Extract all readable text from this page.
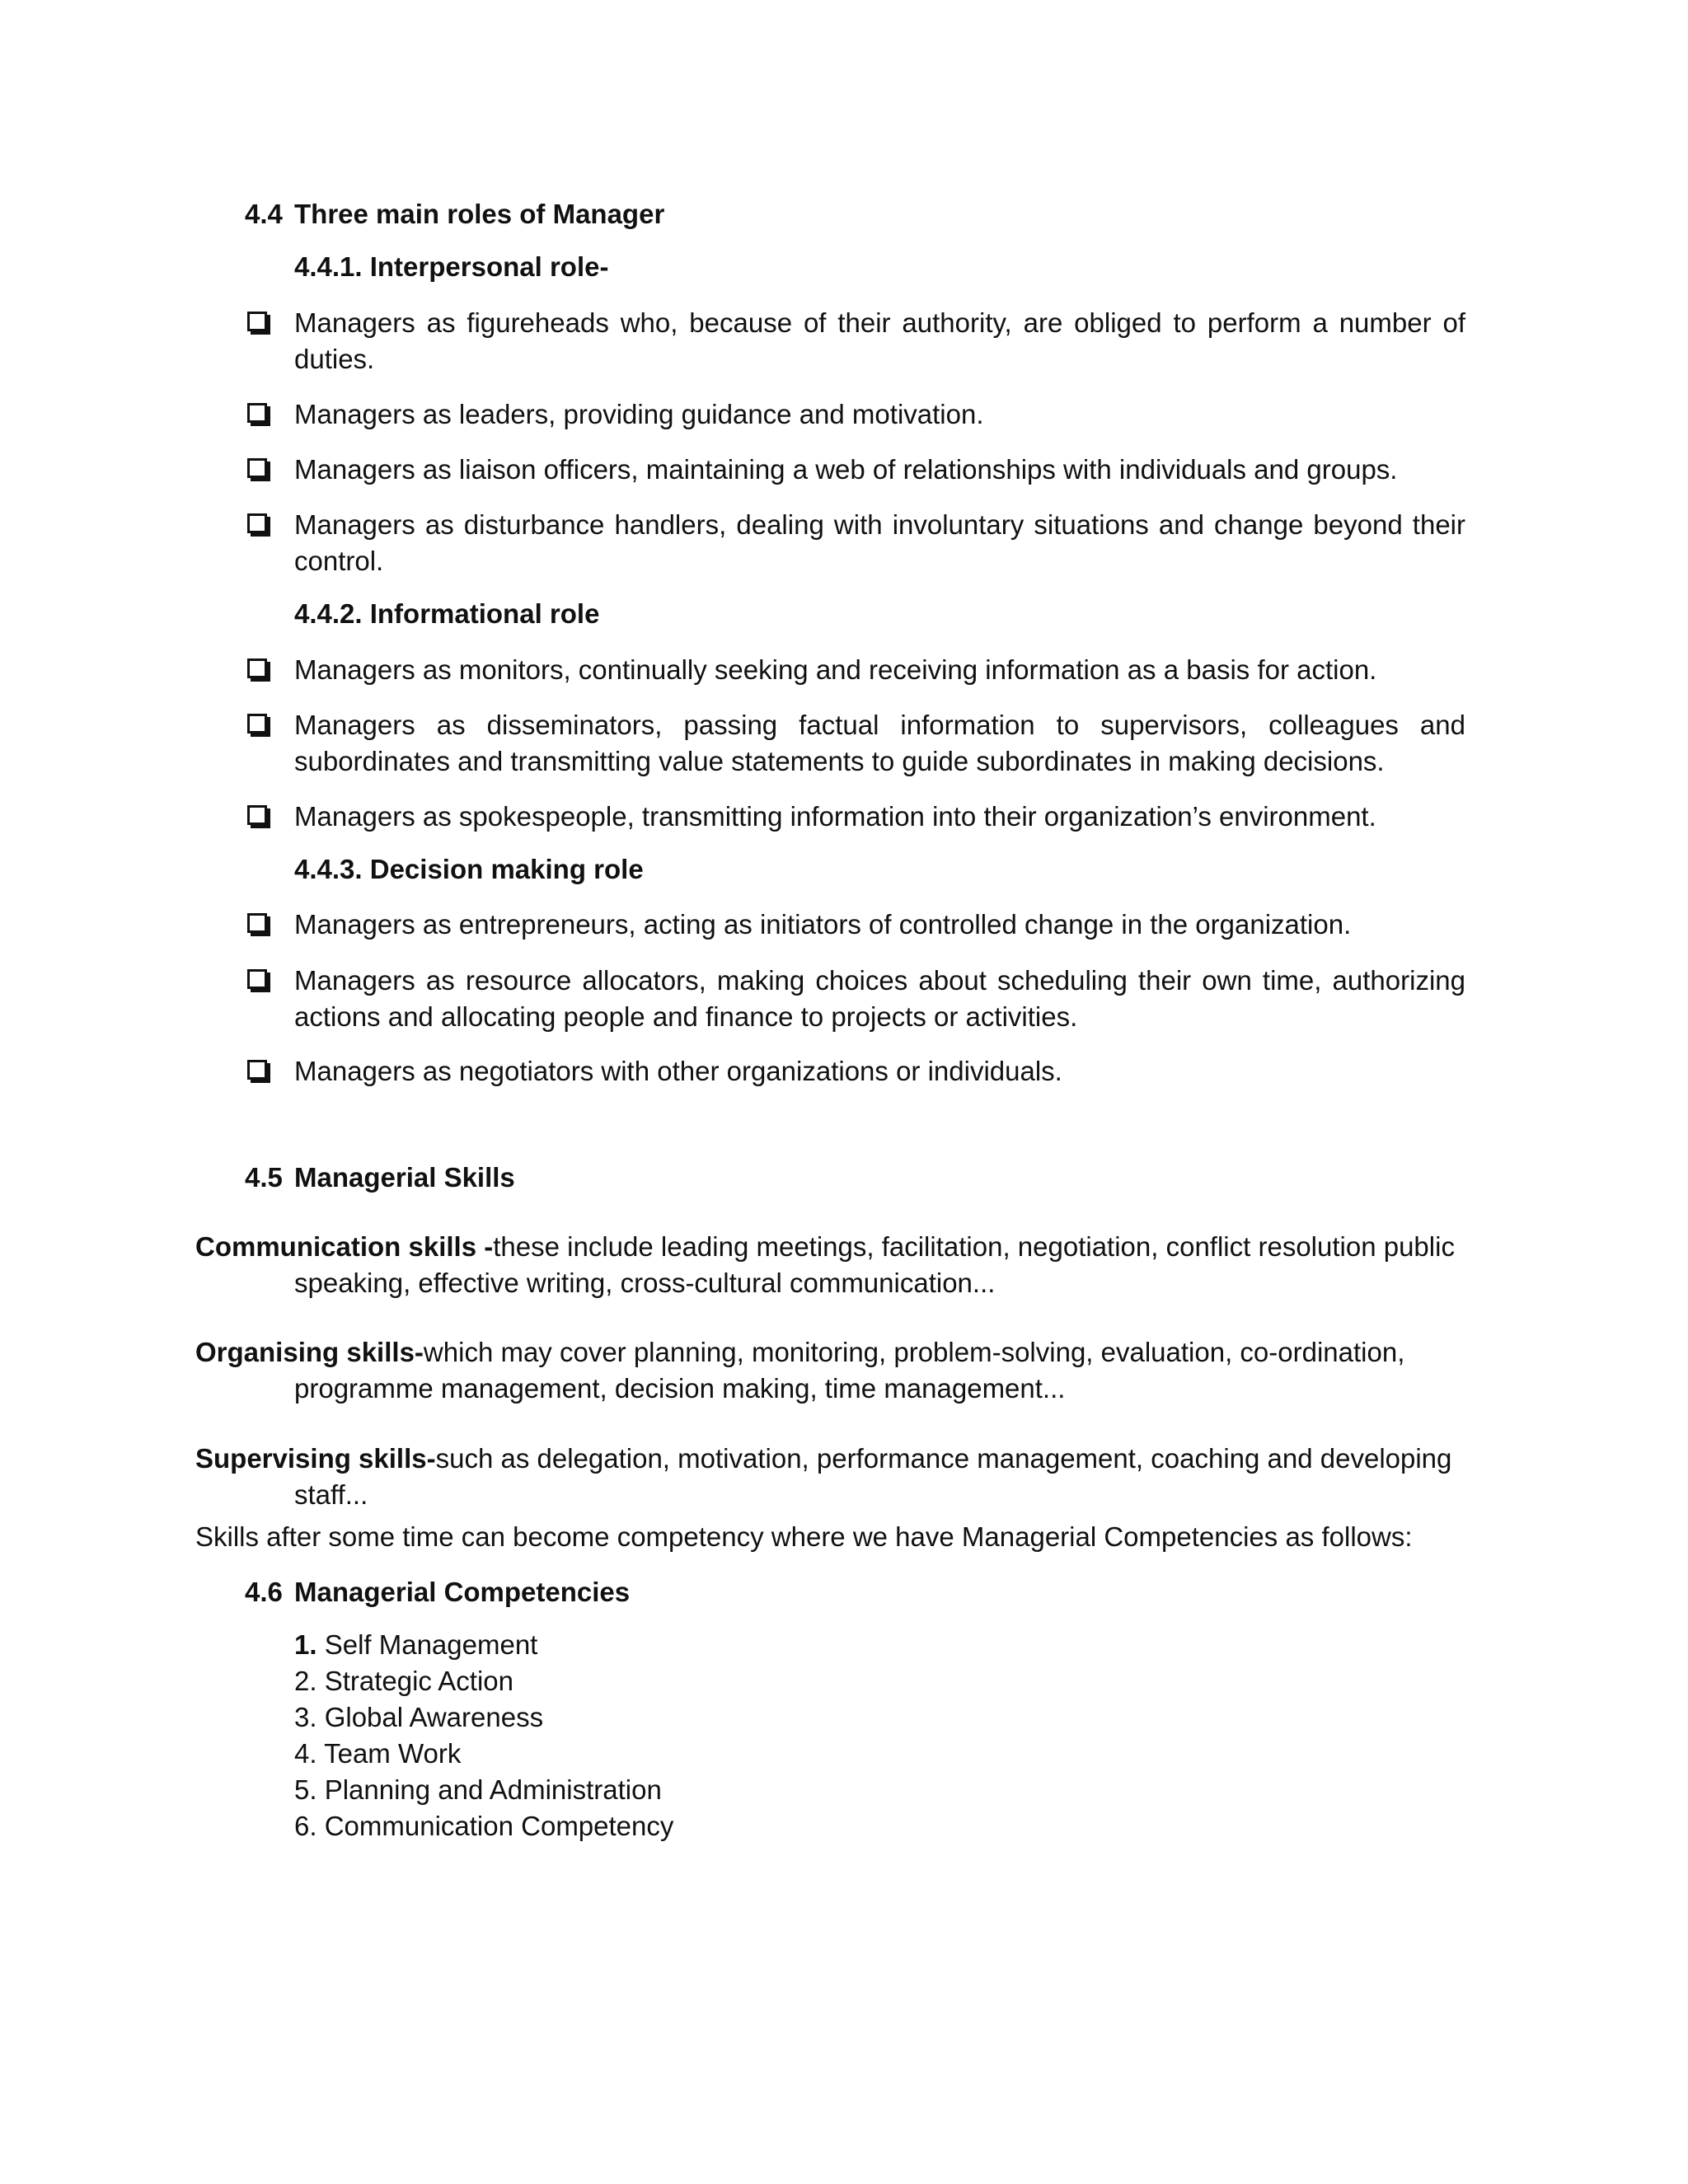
4.4 Three main roles of Manager
4.4.1. Interpersonal role-
Managers as figureheads who, because of their authority, are obliged to perform a number of
duties.
Managers as leaders, providing guidance and motivation.
Managers as liaison officers, maintaining a web of relationships with individuals and groups.
Managers as disturbance handlers, dealing with involuntary situations and change beyond their
control.
4.4.2. Informational role
Managers as monitors, continually seeking and receiving information as a basis for action.
Managers as disseminators, passing factual information to supervisors, colleagues and
subordinates and transmitting value statements to guide subordinates in making decisions.
Managers as spokespeople, transmitting information into their organization’s environment.
4.4.3. Decision making role
Managers as entrepreneurs, acting as initiators of controlled change in the organization.
Managers as resource allocators, making choices about scheduling their own time, authorizing
actions and allocating people and finance to projects or activities.
Managers as negotiators with other organizations or individuals.
4.5 Managerial Skills
Communication skills -these include leading meetings, facilitation, negotiation, conflict resolution public
speaking, effective writing, cross-cultural communication...
Organising skills-which may cover planning, monitoring, problem-solving, evaluation, co-ordination,
programme management, decision making, time management...
Supervising skills-such as delegation, motivation, performance management, coaching and developing
staff...
Skills after some time can become competency where we have Managerial Competencies as follows:
4.6 Managerial Competencies
1. Self Management
2. Strategic Action
3. Global Awareness
4. Team Work
5. Planning and Administration
6. Communication Competency
